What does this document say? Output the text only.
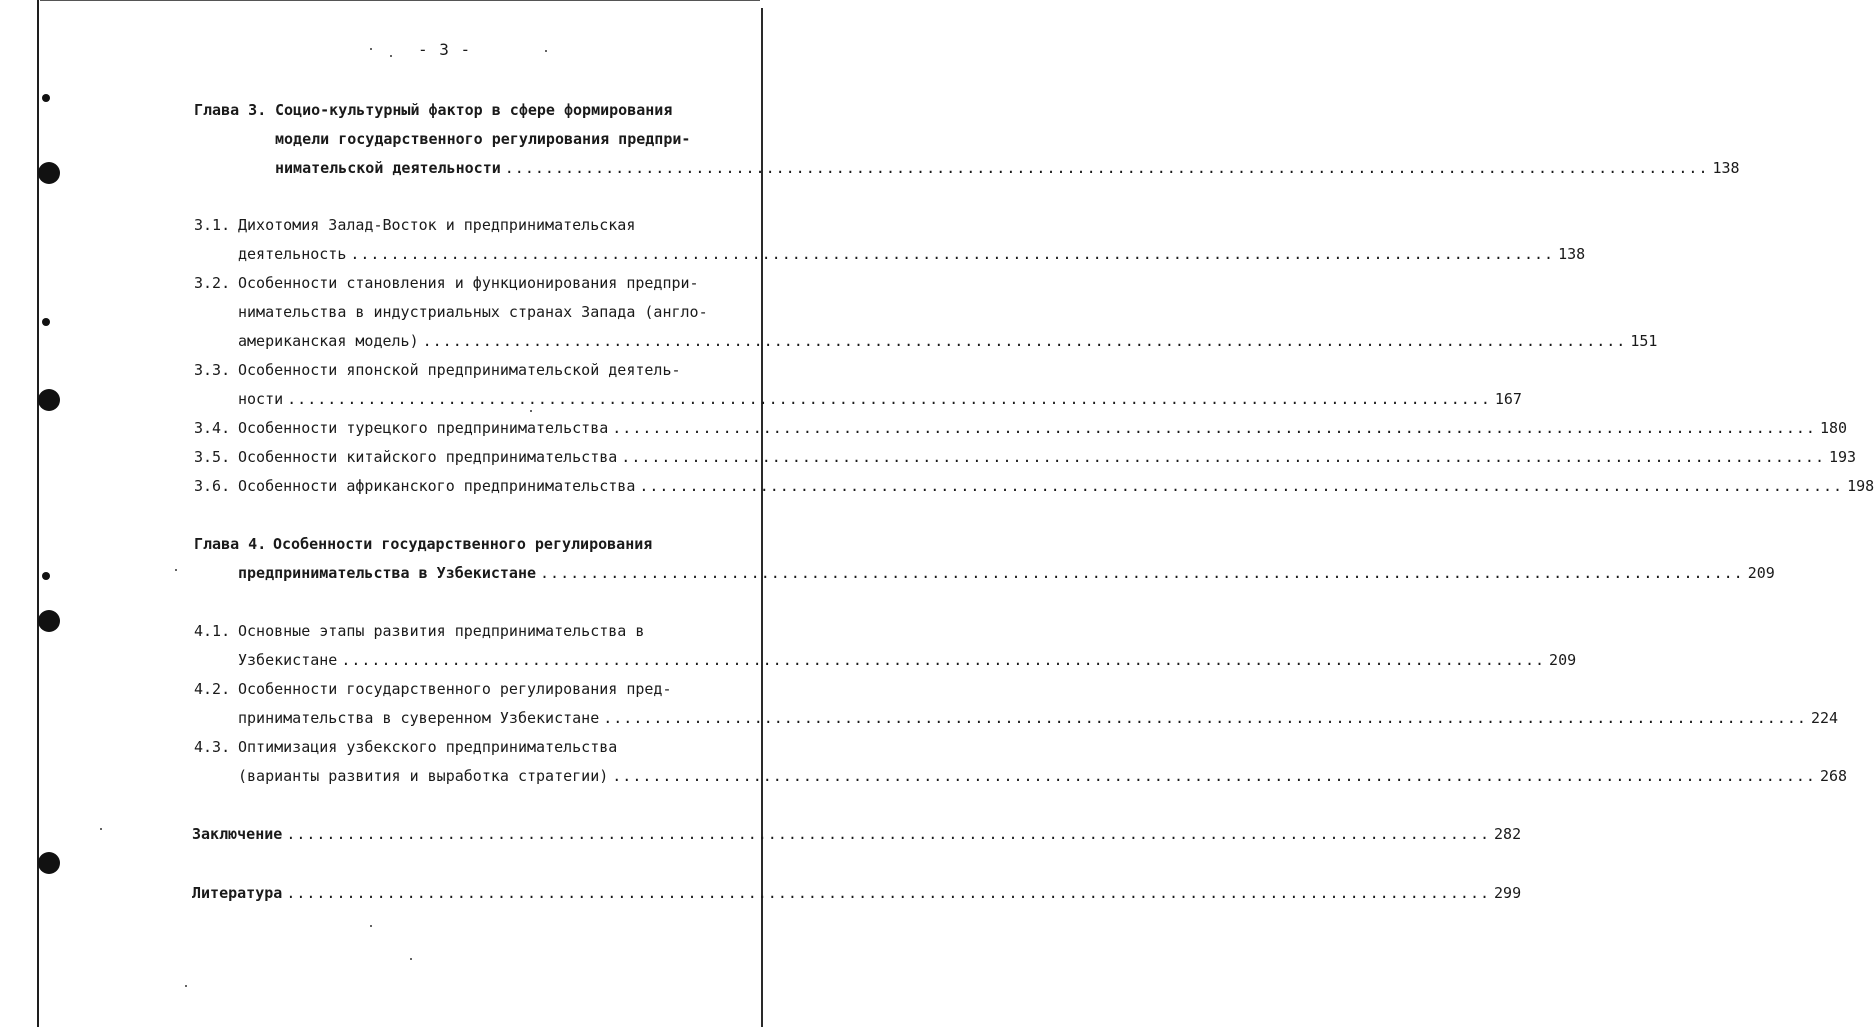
- 3 -
Глава 3. Социо-культурный фактор в сфере формирования
модели государственного регулирования предпри-
нимательской деятельности ........................................................................................................................ 138
3.1. Дихотомия Залад-Восток и предпринимательская
деятельность ........................................................................................................................ 138
3.2. Особенности становления и функционирования предпри-
нимательства в индустриальных странах Запада (англо-
американская модель) ........................................................................................................................ 151
3.3. Особенности японской предпринимательской деятель-
ности ........................................................................................................................ 167
3.4. Особенности турецкого предпринимательства ........................................................................................................................ 180
3.5. Особенности китайского предпринимательства ........................................................................................................................ 193
3.6. Особенности африканского предпринимательства ........................................................................................................................ 198
Глава 4. Особенности государственного регулирования
предпринимательства в Узбекистане ........................................................................................................................ 209
4.1. Основные этапы развития предпринимательства в
Узбекистане ........................................................................................................................ 209
4.2. Особенности государственного регулирования пред-
принимательства в суверенном Узбекистане ........................................................................................................................ 224
4.3. Оптимизация узбекского предпринимательства
(варианты развития и выработка стратегии) ........................................................................................................................ 268
Заключение ........................................................................................................................ 282
Литература ........................................................................................................................ 299
